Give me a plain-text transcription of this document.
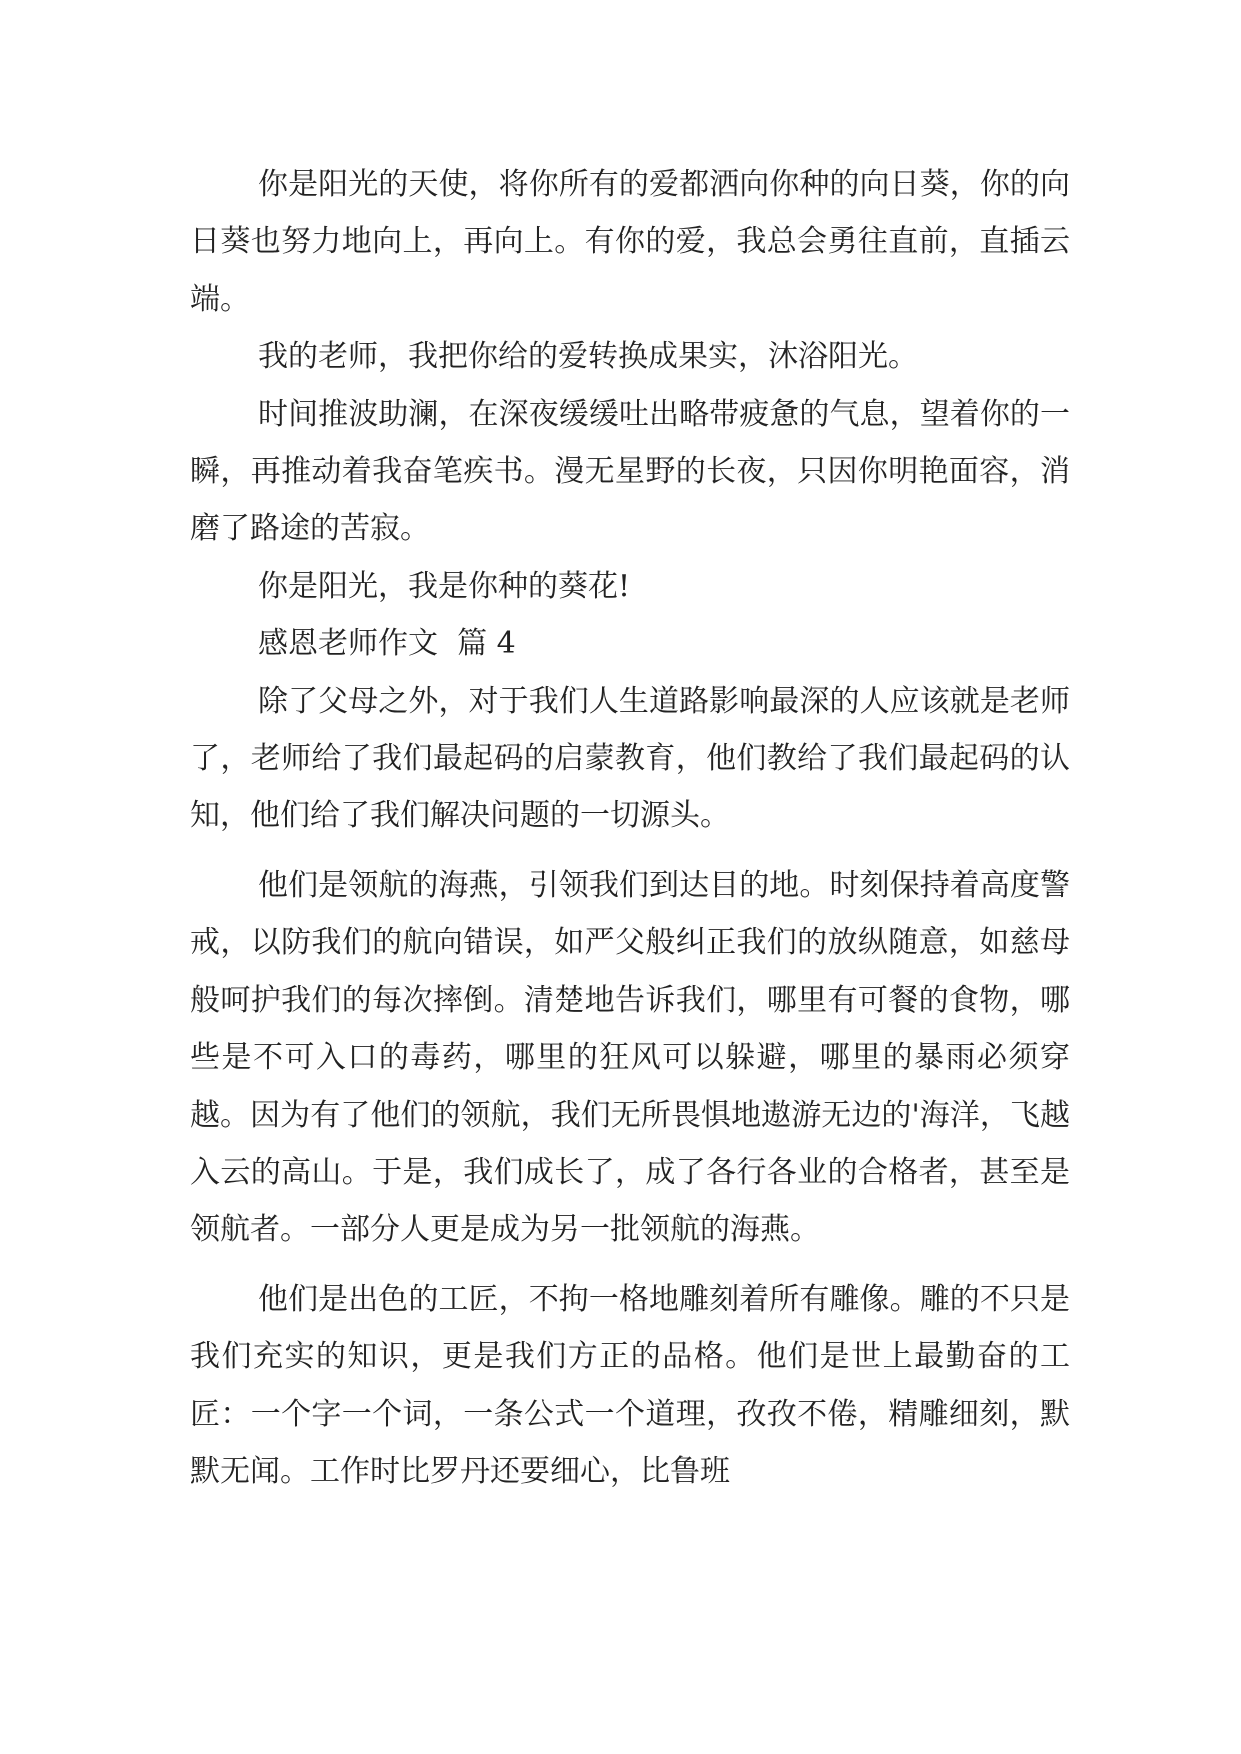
你是阳光的天使，将你所有的爱都洒向你种的向日葵，你的向日葵也努力地向上，再向上。有你的爱，我总会勇往直前，直插云端。

我的老师，我把你给的爱转换成果实，沐浴阳光。

时间推波助澜，在深夜缓缓吐出略带疲惫的气息，望着你的一瞬，再推动着我奋笔疾书。漫无星野的长夜，只因你明艳面容，消磨了路途的苦寂。

你是阳光，我是你种的葵花!

感恩老师作文  篇 4

除了父母之外，对于我们人生道路影响最深的人应该就是老师了，老师给了我们最起码的启蒙教育，他们教给了我们最起码的认知，他们给了我们解决问题的一切源头。

他们是领航的海燕，引领我们到达目的地。时刻保持着高度警戒，以防我们的航向错误，如严父般纠正我们的放纵随意，如慈母般呵护我们的每次摔倒。清楚地告诉我们，哪里有可餐的食物，哪些是不可入口的毒药，哪里的狂风可以躲避，哪里的暴雨必须穿越。因为有了他们的领航，我们无所畏惧地遨游无边的'海洋，飞越入云的高山。于是，我们成长了，成了各行各业的合格者，甚至是领航者。一部分人更是成为另一批领航的海燕。

他们是出色的工匠，不拘一格地雕刻着所有雕像。雕的不只是我们充实的知识，更是我们方正的品格。他们是世上最勤奋的工匠：一个字一个词，一条公式一个道理，孜孜不倦，精雕细刻，默默无闻。工作时比罗丹还要细心，比鲁班
